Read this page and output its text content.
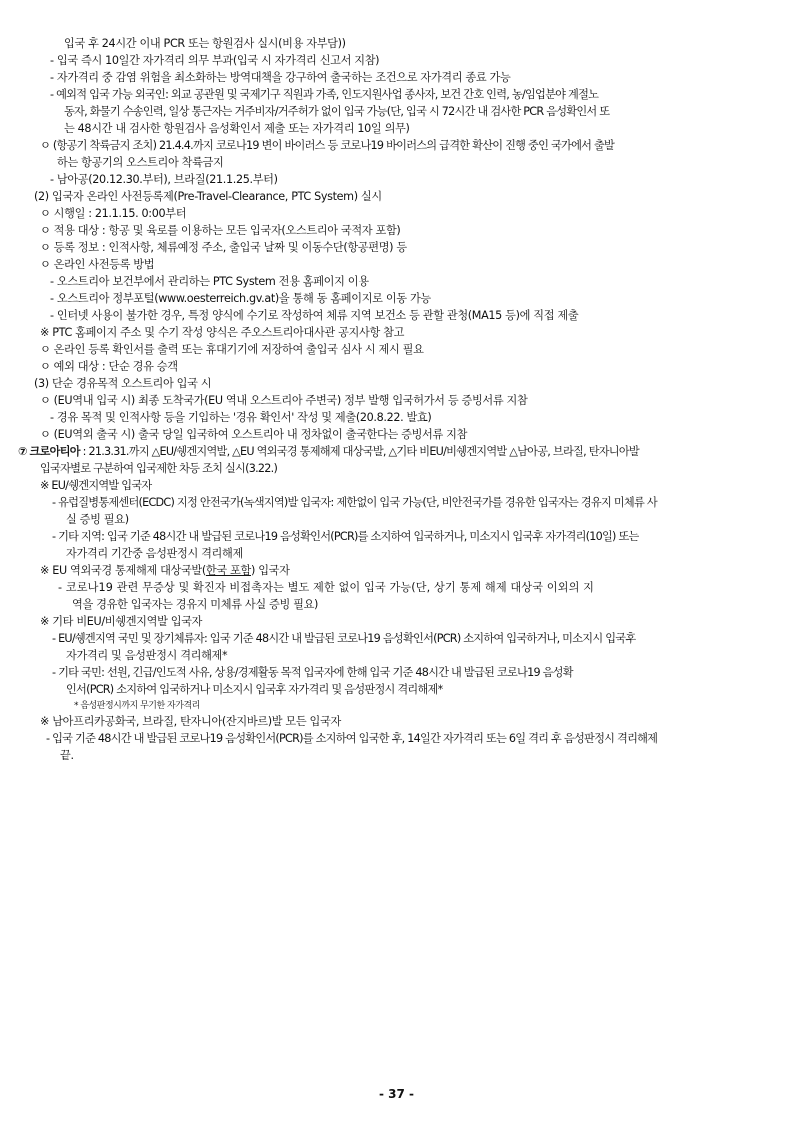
입국 후 24시간 이내 PCR 또는 항원검사 실시(비용 자부담))
- 입국 즉시 10일간 자가격리 의무 부과(입국 시 자가격리 신고서 지참)
- 자가격리 중 감염 위험을 최소화하는 방역대책을 강구하여 출국하는 조건으로 자가격리 종료 가능
- 예외적 입국 가능 외국인: 외교 공관원 및 국제기구 직원과 가족, 인도지원사업 종사자, 보건 간호 인력, 농/임업분야 계절노
동자, 화물기 수송인력, 일상 통근자는 거주비자/거주허가 없이 입국 가능(단, 입국 시 72시간 내 검사한 PCR 음성확인서 또
는 48시간 내 검사한 항원검사 음성확인서 제출 또는 자가격리 10일 의무)
ㅇ (항공기 착륙금지 조치) 21.4.4.까지 코로나19 변이 바이러스 등 코로나19 바이러스의 급격한 확산이 진행 중인 국가에서 출발
하는 항공기의 오스트리아 착륙금지
- 남아공(20.12.30.부터), 브라질(21.1.25.부터)
(2) 입국자 온라인 사전등록제(Pre-Travel-Clearance, PTC System) 실시
ㅇ 시행일 : 21.1.15. 0:00부터
ㅇ 적용 대상 : 항공 및 육로를 이용하는 모든 입국자(오스트리아 국적자 포함)
ㅇ 등록 정보 : 인적사항, 체류예정 주소, 출입국 날짜 및 이동수단(항공편명) 등
ㅇ 온라인 사전등록 방법
- 오스트리아 보건부에서 관리하는 PTC System 전용 홈페이지 이용
- 오스트리아 정부포털(www.oesterreich.gv.at)을 통해 동 홈페이지로 이동 가능
- 인터넷 사용이 불가한 경우, 특정 양식에 수기로 작성하여 체류 지역 보건소 등 관할 관청(MA15 등)에 직접 제출
※ PTC 홈페이지 주소 및 수기 작성 양식은 주오스트리아대사관 공지사항 참고
ㅇ 온라인 등록 확인서를 출력 또는 휴대기기에 저장하여 출입국 심사 시 제시 필요
ㅇ 예외 대상 : 단순 경유 승객
(3) 단순 경유목적 오스트리아 입국 시
ㅇ (EU역내 입국 시) 최종 도착국가(EU 역내 오스트리아 주변국) 정부 발행 입국허가서 등 증빙서류 지참
- 경유 목적 및 인적사항 등을 기입하는 '경유 확인서' 작성 및 제출(20.8.22. 발효)
ㅇ (EU역외 출국 시) 출국 당일 입국하여 오스트리아 내 정차없이 출국한다는 증빙서류 지참
⑦ 크로아티아 : 21.3.31.까지 △EU/쉥겐지역발, △EU 역외국경 통제해제 대상국발, △기타 비EU/비쉥겐지역발 △남아공, 브라질, 탄자니아발
입국자별로 구분하여 입국제한 차등 조치 실시(3.22.)
※ EU/쉥겐지역발 입국자
- 유럽질병통제센터(ECDC) 지정 안전국가(녹색지역)발 입국자: 제한없이 입국 가능(단, 비안전국가를 경유한 입국자는 경유지 미체류 사
실 증빙 필요)
- 기타 지역: 입국 기준 48시간 내 발급된 코로나19 음성확인서(PCR)를 소지하여 입국하거나, 미소지시 입국후 자가격리(10일) 또는
자가격리 기간중 음성판정시 격리해제
※ EU 역외국경 통제해제 대상국발(한국 포함) 입국자
- 코로나19 관련 무증상 및 확진자 비접촉자는 별도 제한 없이 입국 가능(단, 상기 통제 해제 대상국 이외의 지
역을 경유한 입국자는 경유지 미체류 사실 증빙 필요)
※ 기타 비EU/비쉥겐지역발 입국자
- EU/쉥겐지역 국민 및 장기체류자: 입국 기준 48시간 내 발급된 코로나19 음성확인서(PCR) 소지하여 입국하거나, 미소지시 입국후
자가격리 및 음성판정시 격리해제*
- 기타 국민: 선원, 긴급/인도적 사유, 상용/경제활동 목적 입국자에 한해 입국 기준 48시간 내 발급된 코로나19 음성확
인서(PCR) 소지하여 입국하거나 미소지시 입국후 자가격리 및 음성판정시 격리해제*
* 음성판정시까지 무기한 자가격리
※ 남아프리카공화국, 브라질, 탄자니아(잔지바르)발 모든 입국자
- 입국 기준 48시간 내 발급된 코로나19 음성확인서(PCR)를 소지하여 입국한 후, 14일간 자가격리 또는 6일 격리 후 음성판정시 격리해제
끝.
- 37 -
